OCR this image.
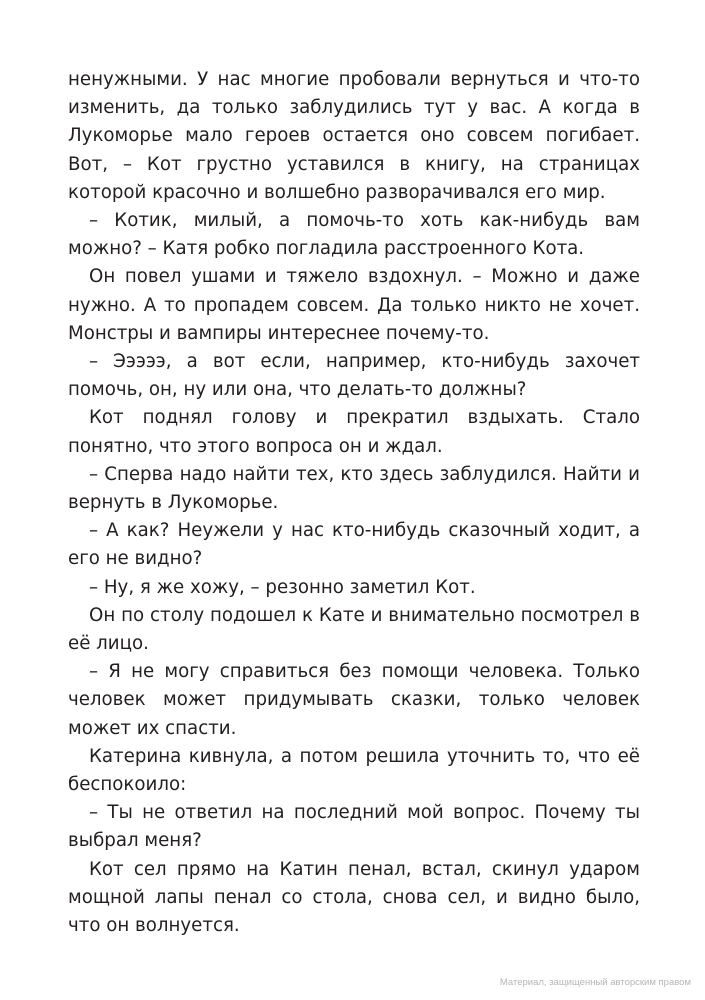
ненужными. У нас многие пробовали вернуться и что-то изменить, да только заблудились тут у вас. А когда в Лукоморье мало героев остается оно совсем погибает. Вот, – Кот грустно уставился в книгу, на страницах которой красочно и волшебно разворачивался его мир.

– Котик, милый, а помочь-то хоть как-нибудь вам можно? – Катя робко погладила расстроенного Кота.

Он повел ушами и тяжело вздохнул. – Можно и даже нужно. А то пропадем совсем. Да только никто не хочет. Монстры и вампиры интереснее почему-то.

– Эээээ, а вот если, например, кто-нибудь захочет помочь, он, ну или она, что делать-то должны?

Кот поднял голову и прекратил вздыхать. Стало понятно, что этого вопроса он и ждал.

– Сперва надо найти тех, кто здесь заблудился. Найти и вернуть в Лукоморье.

– А как? Неужели у нас кто-нибудь сказочный ходит, а его не видно?

– Ну, я же хожу, – резонно заметил Кот.

Он по столу подошел к Кате и внимательно посмотрел в её лицо.

– Я не могу справиться без помощи человека. Только человек может придумывать сказки, только человек может их спасти.

Катерина кивнула, а потом решила уточнить то, что её беспокоило:

– Ты не ответил на последний мой вопрос. Почему ты выбрал меня?

Кот сел прямо на Катин пенал, встал, скинул ударом мощной лапы пенал со стола, снова сел, и видно было, что он волнуется.

Материал, защищенный авторским правом
